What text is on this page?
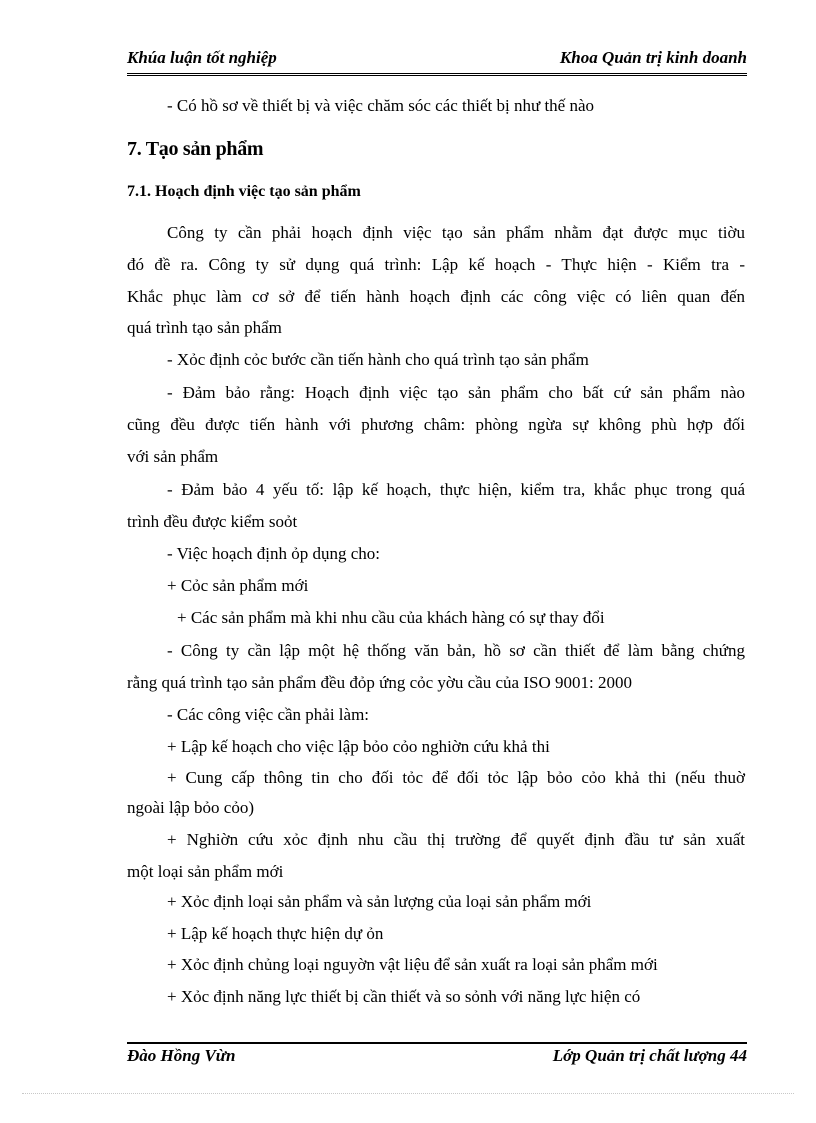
Khúa luận tốt nghiệp	Khoa Quản trị kinh doanh

- Có hồ sơ về thiết bị và việc chăm sóc các thiết bị như thế nào

7. Tạo sản phẩm

7.1. Hoạch định việc tạo sản phẩm

Công ty cần phải hoạch định việc tạo sản phẩm nhằm đạt được mục tiờu

đó đề ra. Công ty sử dụng quá trình: Lập kế hoạch - Thực hiện - Kiểm tra -

Khắc phục làm cơ sở để tiến hành hoạch định các công việc có liên quan đến

quá trình tạo sản phẩm

- Xỏc định cỏc bước cần tiến hành cho quá trình tạo sản phẩm

- Đảm bảo rằng: Hoạch định việc tạo sản phẩm cho bất cứ sản phẩm nào

cũng đều được tiến hành với phương châm: phòng ngừa sự không phù hợp đối

với sản phẩm

- Đảm bảo 4 yếu tố: lập kế hoạch, thực hiện, kiểm tra, khắc phục trong quá

trình đều được kiểm soỏt

- Việc hoạch định ỏp dụng cho:

+ Cỏc sản phẩm mới

+ Các sản phẩm mà khi nhu cầu của khách hàng có sự thay đổi

- Công ty cần lập một hệ thống văn bản, hồ sơ cần thiết để làm bằng chứng

rằng quá trình tạo sản phẩm đều đỏp ứng cỏc yờu cầu của ISO 9001: 2000

- Các công việc cần phải làm:

+ Lập kế hoạch cho việc lập bỏo cỏo nghiờn cứu khả thi

+ Cung cấp thông tin cho đối tỏc để đối tỏc lập bỏo cỏo khả thi (nếu thuờ

ngoài lập bỏo cỏo)

+ Nghiờn cứu xỏc định nhu cầu thị trường để quyết định đầu tư sản xuất

một loại sản phẩm mới

+ Xỏc định loại sản phẩm và sản lượng của loại sản phẩm mới

+ Lập kế hoạch thực hiện dự ỏn

+ Xỏc định chủng loại nguyờn vật liệu để sản xuất ra loại sản phẩm mới

+ Xỏc định năng lực thiết bị cần thiết và so sỏnh với năng lực hiện có

Đào Hồng Vừn	Lớp Quản trị chất lượng 44
